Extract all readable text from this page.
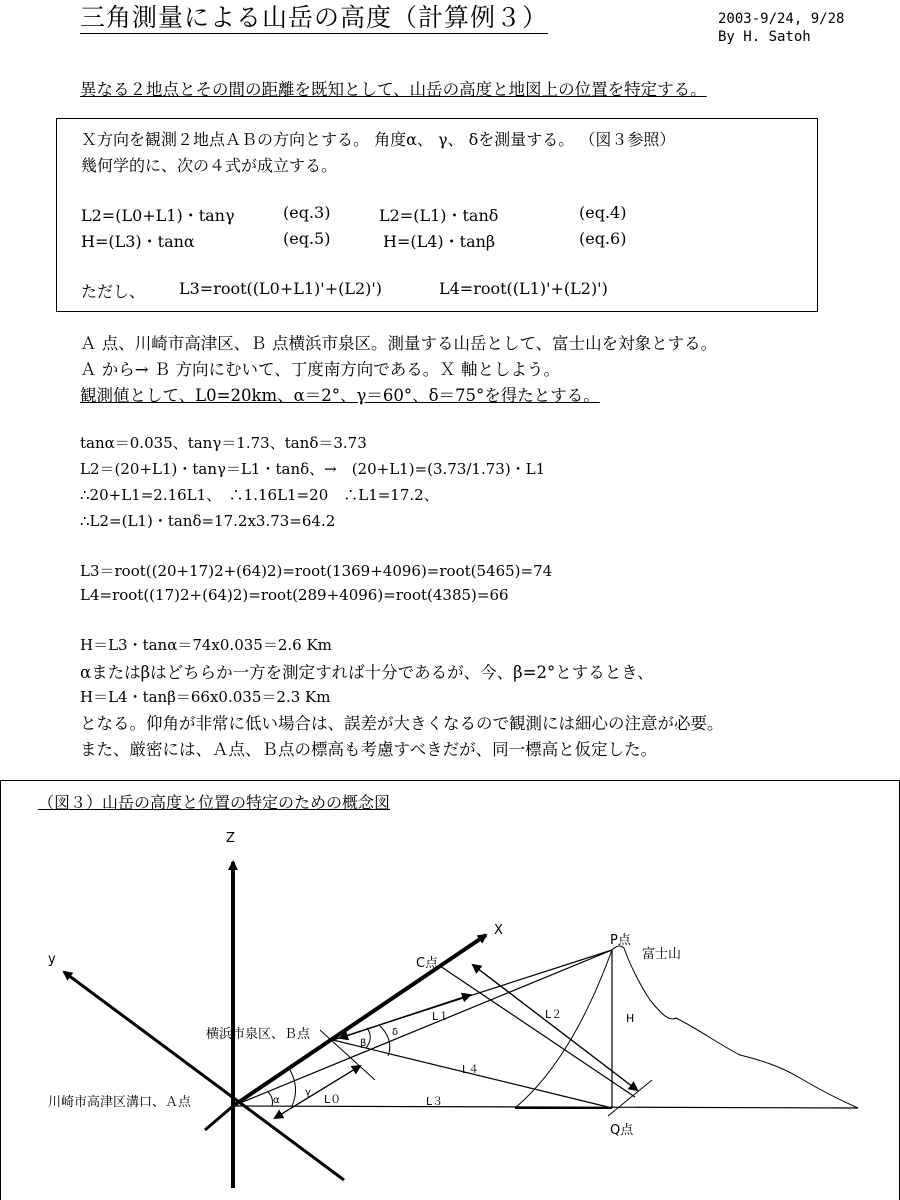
三角測量による山岳の高度（計算例３）	2003-9/24, 9/28
By H. Satoh
異なる２地点とその間の距離を既知として、山岳の高度と地図上の位置を特定する。
Ｘ方向を観測２地点ＡＢの方向とする。 角度α、 γ、 δを測量する。 （図３参照）
幾何学的に、次の４式が成立する。
L2=(L0+L1)・tanγ	(eq.3)	L2=(L1)・tanδ	(eq.4)
H=(L3)・tanα	(eq.5)	H=(L4)・tanβ	(eq.6)
ただし、 L3=root((L0+L1)'+(L2)')	L4=root((L1)'+(L2)')
Ａ 点、川崎市高津区、Ｂ 点横浜市泉区。測量する山岳として、富士山を対象とする。
Ａ から→ Ｂ 方向にむいて、丁度南方向である。Ｘ 軸としよう。
観測値として、L0=20km、α＝2°、γ＝60°、δ＝75°を得たとする。
tanα＝0.035、tanγ＝1.73、tanδ＝3.73
L2＝(20+L1)・tanγ＝L1・tanδ、→　(20+L1)=(3.73/1.73)・L1
∴20+L1=2.16L1、　∴1.16L1=20　∴L1=17.2、
∴L2=(L1)・tanδ=17.2x3.73=64.2
L3＝root((20+17)2+(64)2)=root(1369+4096)=root(5465)=74
L4=root((17)2+(64)2)=root(289+4096)=root(4385)=66
H＝L3・tanα＝74x0.035＝2.6 Km
αまたはβはどちらか一方を測定すれば十分であるが、今、β=2°とするとき、
H＝L4・tanβ＝66x0.035＝2.3 Km
となる。仰角が非常に低い場合は、誤差が大きくなるので観測には細心の注意が必要。
また、厳密には、Ａ点、Ｂ点の標高も考慮すべきだが、同一標高と仮定した。
（図３）山岳の高度と位置の特定のための概念図
Z
X
y
P点
富士山
C点
横浜市泉区、Ｂ点
川崎市高津区溝口、Ａ点
Q点
L０
L１	L２
L３
L４
H
α
γ
β
δ
